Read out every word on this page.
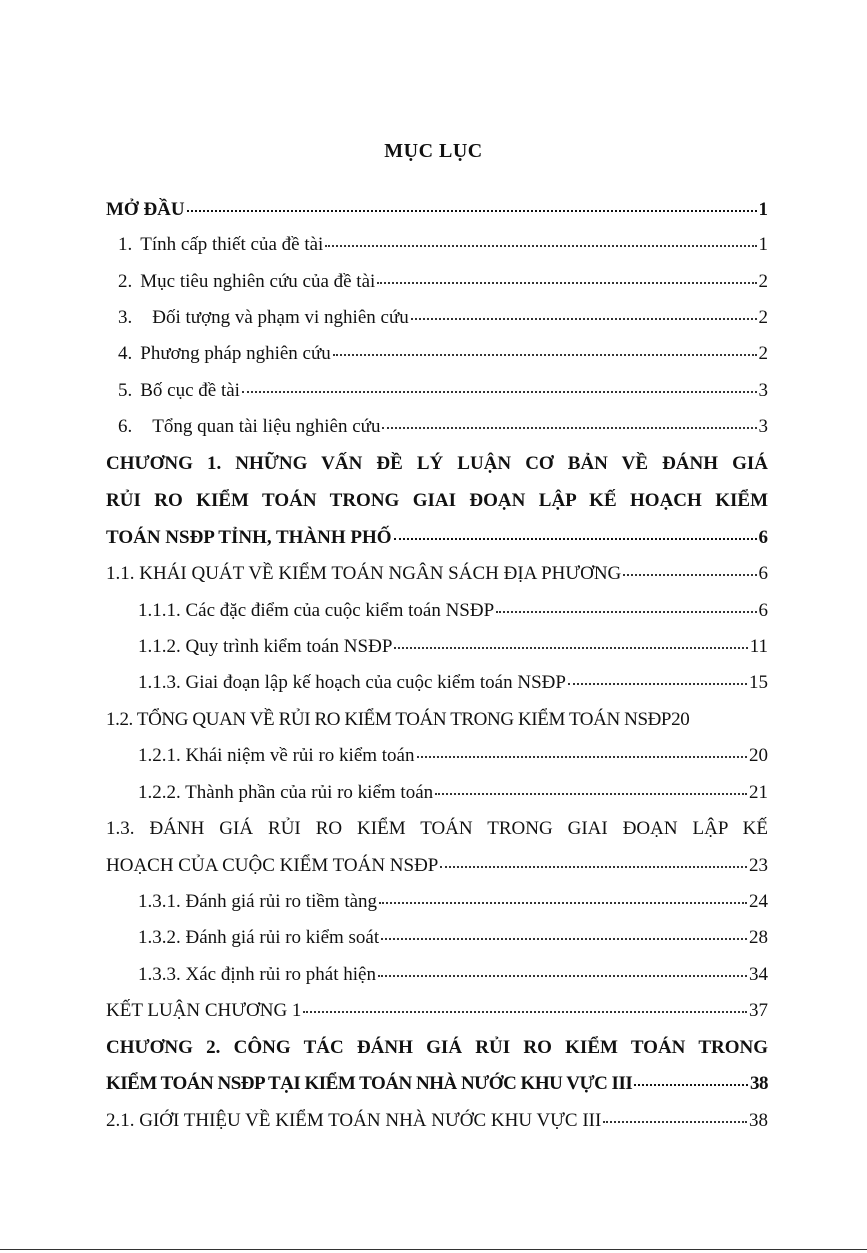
MỤC LỤC
MỞ ĐẦU	1
1. Tính cấp thiết của đề tài	1
2. Mục tiêu nghiên cứu của đề tài	2
3. Đối tượng và phạm vi nghiên cứu	2
4. Phương pháp nghiên cứu	2
5. Bố cục đề tài	3
6. Tổng quan tài liệu nghiên cứu	3
CHƯƠNG 1. NHỮNG VẤN ĐỀ LÝ LUẬN CƠ BẢN VỀ ĐÁNH GIÁ
RỦI RO KIỂM TOÁN TRONG GIAI ĐOẠN LẬP KẾ HOẠCH KIỂM
TOÁN NSĐP TỈNH, THÀNH PHỐ	6
1.1. KHÁI QUÁT VỀ KIỂM TOÁN NGÂN SÁCH ĐỊA PHƯƠNG	6
1.1.1. Các đặc điểm của cuộc kiểm toán NSĐP	6
1.1.2. Quy trình kiểm toán NSĐP	11
1.1.3. Giai đoạn lập kế hoạch của cuộc kiểm toán NSĐP	15
1.2. TỔNG QUAN VỀ RỦI RO KIỂM TOÁN TRONG KIỂM TOÁN NSĐP 20
1.2.1. Khái niệm về rủi ro kiểm toán	20
1.2.2. Thành phần của rủi ro kiểm toán	21
1.3. ĐÁNH GIÁ RỦI RO KIỂM TOÁN TRONG GIAI ĐOẠN LẬP KẾ
HOẠCH CỦA CUỘC KIỂM TOÁN NSĐP	23
1.3.1. Đánh giá rủi ro tiềm tàng	24
1.3.2. Đánh giá rủi ro kiểm soát	28
1.3.3. Xác định rủi ro phát hiện	34
KẾT LUẬN CHƯƠNG 1	37
CHƯƠNG 2. CÔNG TÁC ĐÁNH GIÁ RỦI RO KIỂM TOÁN TRONG
KIỂM TOÁN NSĐP TẠI KIỂM TOÁN NHÀ NƯỚC KHU VỰC III	38
2.1. GIỚI THIỆU VỀ KIỂM TOÁN NHÀ NƯỚC KHU VỰC III	38
